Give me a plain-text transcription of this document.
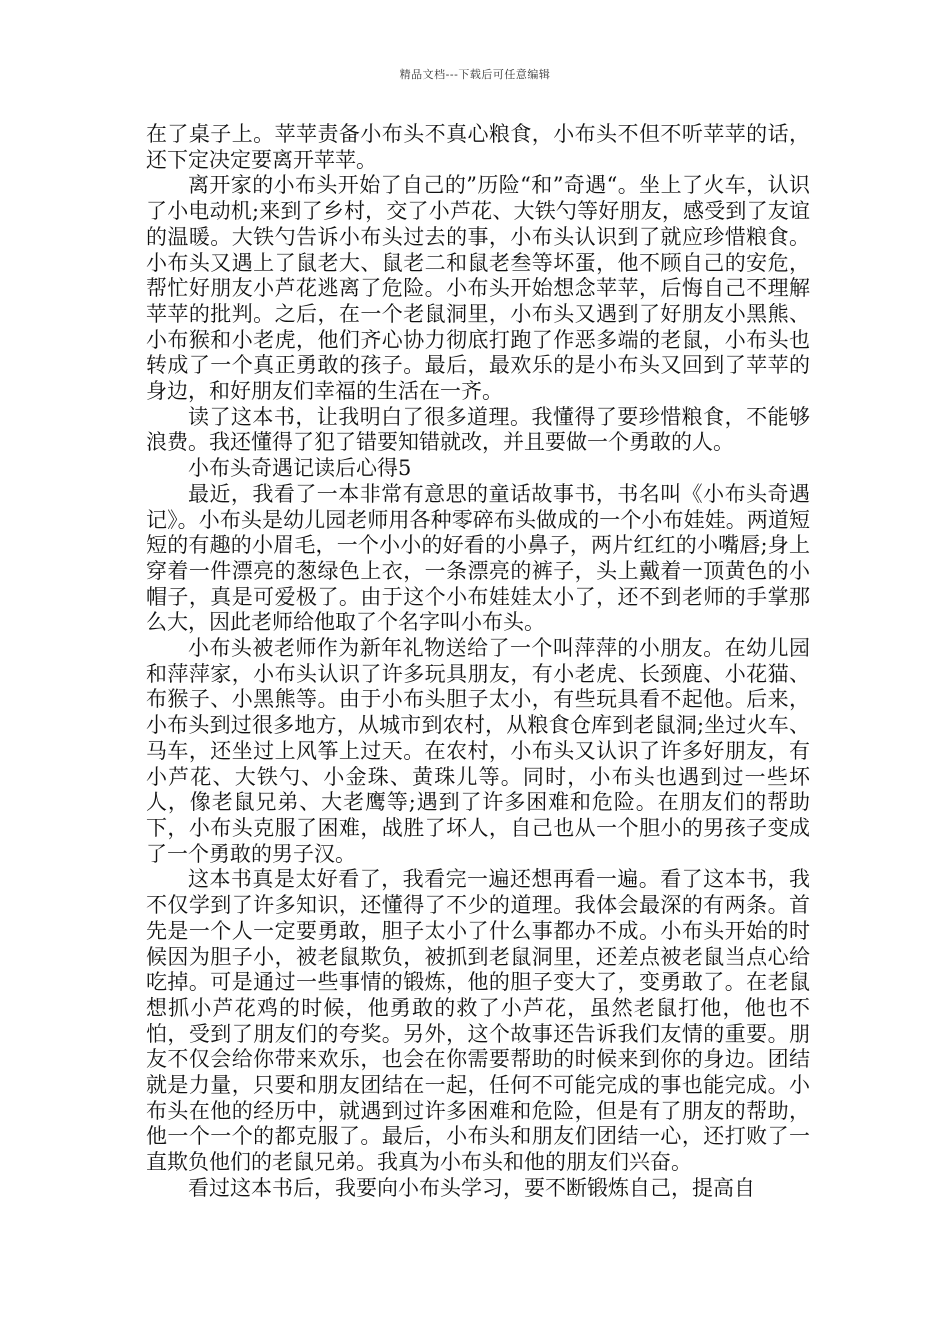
精品文档---下载后可任意编辑

在了桌子上。苹苹责备小布头不真心粮食，小布头不但不听苹苹的话，还下定决定要离开苹苹。

离开家的小布头开始了自己的”历险“和”奇遇“。坐上了火车，认识了小电动机;来到了乡村，交了小芦花、大铁勺等好朋友，感受到了友谊的温暖。大铁勺告诉小布头过去的事，小布头认识到了就应珍惜粮食。小布头又遇上了鼠老大、鼠老二和鼠老叁等坏蛋，他不顾自己的安危，帮忙好朋友小芦花逃离了危险。小布头开始想念苹苹，后悔自己不理解苹苹的批判。之后，在一个老鼠洞里，小布头又遇到了好朋友小黑熊、小布猴和小老虎，他们齐心协力彻底打跑了作恶多端的老鼠，小布头也转成了一个真正勇敢的孩子。最后，最欢乐的是小布头又回到了苹苹的身边，和好朋友们幸福的生活在一齐。

读了这本书，让我明白了很多道理。我懂得了要珍惜粮食，不能够浪费。我还懂得了犯了错要知错就改，并且要做一个勇敢的人。

小布头奇遇记读后心得5

最近，我看了一本非常有意思的童话故事书，书名叫《小布头奇遇记》。小布头是幼儿园老师用各种零碎布头做成的一个小布娃娃。两道短短的有趣的小眉毛，一个小小的好看的小鼻子，两片红红的小嘴唇;身上穿着一件漂亮的葱绿色上衣，一条漂亮的裤子，头上戴着一顶黄色的小帽子，真是可爱极了。由于这个小布娃娃太小了，还不到老师的手掌那么大，因此老师给他取了个名字叫小布头。

小布头被老师作为新年礼物送给了一个叫萍萍的小朋友。在幼儿园和萍萍家，小布头认识了许多玩具朋友，有小老虎、长颈鹿、小花猫、布猴子、小黑熊等。由于小布头胆子太小，有些玩具看不起他。后来，小布头到过很多地方，从城市到农村，从粮食仓库到老鼠洞;坐过火车、马车，还坐过上风筝上过天。在农村，小布头又认识了许多好朋友，有小芦花、大铁勺、小金珠、黄珠儿等。同时，小布头也遇到过一些坏人，像老鼠兄弟、大老鹰等;遇到了许多困难和危险。在朋友们的帮助下，小布头克服了困难，战胜了坏人，自己也从一个胆小的男孩子变成了一个勇敢的男子汉。

这本书真是太好看了，我看完一遍还想再看一遍。看了这本书，我不仅学到了许多知识，还懂得了不少的道理。我体会最深的有两条。首先是一个人一定要勇敢，胆子太小了什么事都办不成。小布头开始的时候因为胆子小，被老鼠欺负，被抓到老鼠洞里，还差点被老鼠当点心给吃掉。可是通过一些事情的锻炼，他的胆子变大了，变勇敢了。在老鼠想抓小芦花鸡的时候，他勇敢的救了小芦花，虽然老鼠打他，他也不怕，受到了朋友们的夸奖。另外，这个故事还告诉我们友情的重要。朋友不仅会给你带来欢乐，也会在你需要帮助的时候来到你的身边。团结就是力量，只要和朋友团结在一起，任何不可能完成的事也能完成。小布头在他的经历中，就遇到过许多困难和危险，但是有了朋友的帮助，他一个一个的都克服了。最后，小布头和朋友们团结一心，还打败了一直欺负他们的老鼠兄弟。我真为小布头和他的朋友们兴奋。

看过这本书后，我要向小布头学习，要不断锻炼自己，提高自
